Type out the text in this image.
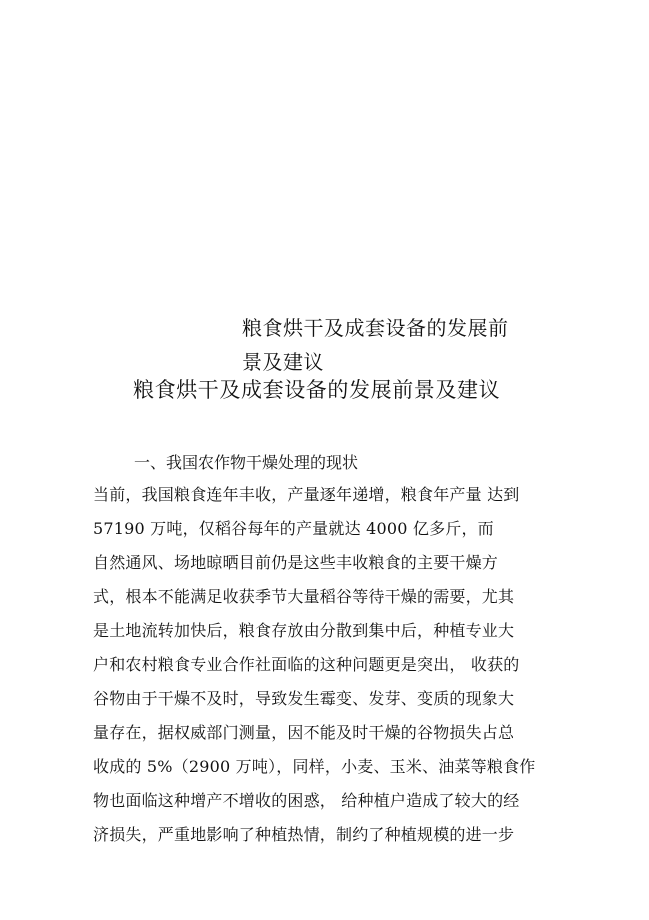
粮食烘干及成套设备的发展前
景及建议
粮食烘干及成套设备的发展前景及建议
一、我国农作物干燥处理的现状
当前，我国粮食连年丰收，产量逐年递增，粮食年产量 达到
57190 万吨，仅稻谷每年的产量就达 4000 亿多斤，而
自然通风、场地晾晒目前仍是这些丰收粮食的主要干燥方
式，根本不能满足收获季节大量稻谷等待干燥的需要，尤其
是土地流转加快后，粮食存放由分散到集中后，种植专业大
户和农村粮食专业合作社面临的这种问题更是突出， 收获的
谷物由于干燥不及时，导致发生霉变、发芽、变质的现象大
量存在，据权威部门测量，因不能及时干燥的谷物损失占总
收成的 5%（2900 万吨），同样，小麦、玉米、油菜等粮食作
物也面临这种增产不增收的困惑， 给种植户造成了较大的经
济损失，严重地影响了种植热情，制约了种植规模的进一步
